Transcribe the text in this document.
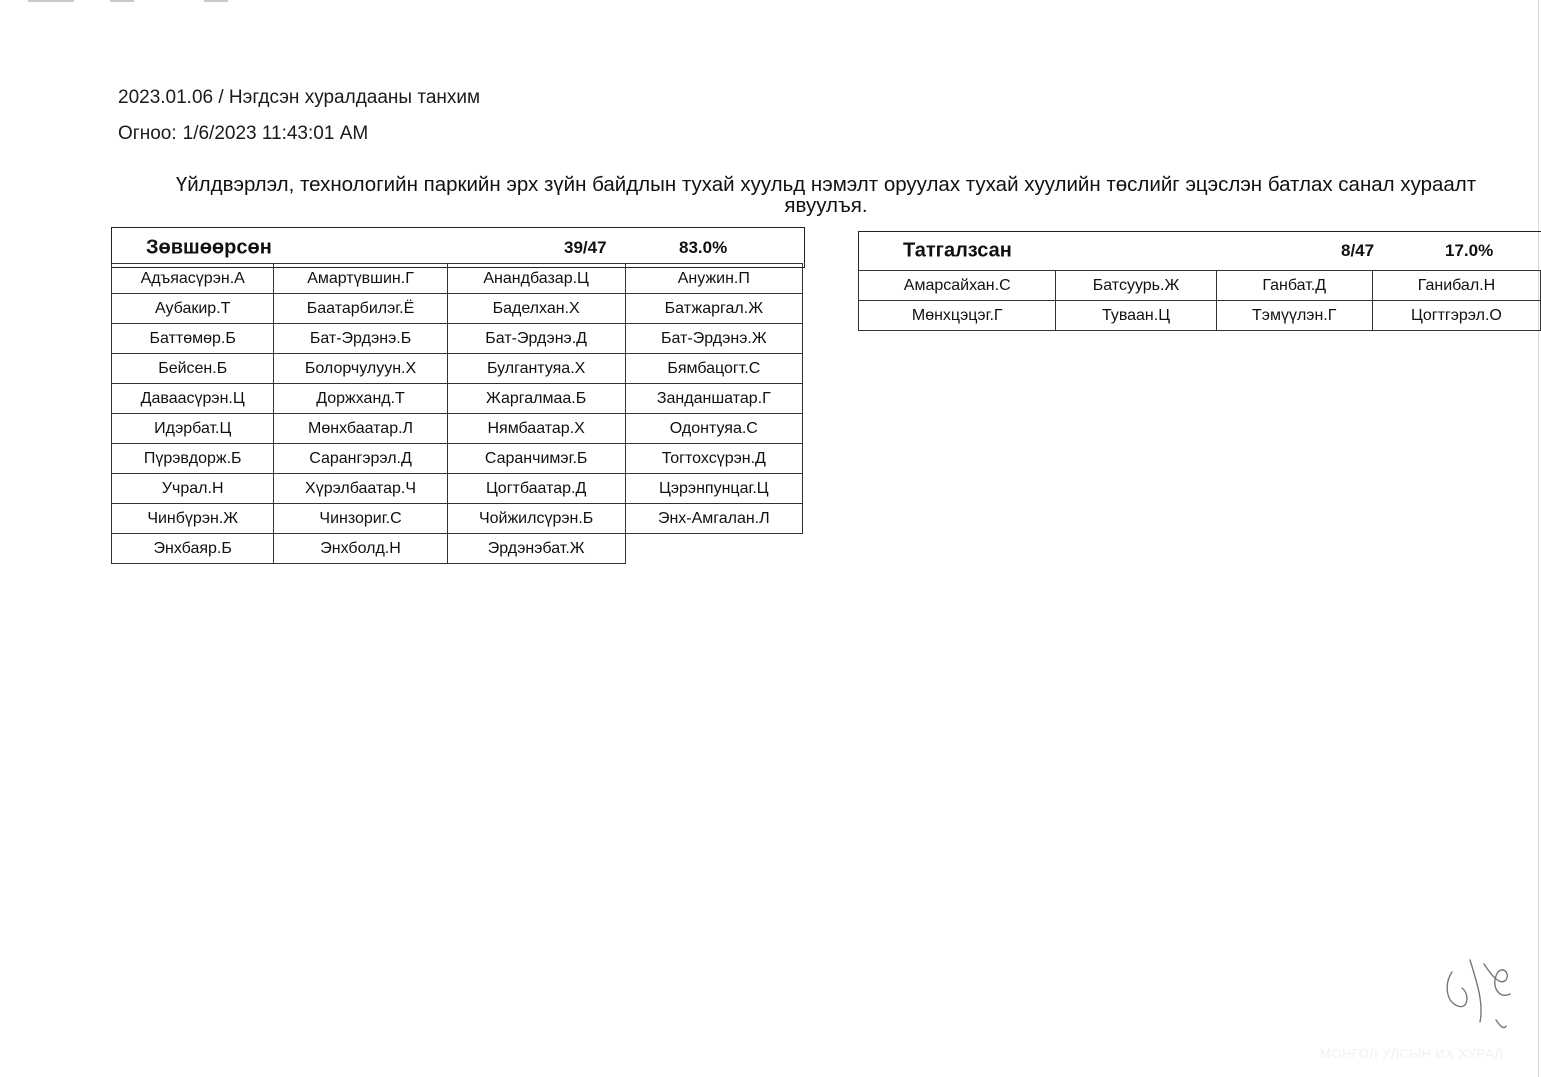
2023.01.06 / Нэгдсэн хуралдааны танхим
Огноо: 1/6/2023 11:43:01 AM
Үйлдвэрлэл, технологийн паркийн эрх зүйн байдлын тухай хуульд нэмэлт оруулах тухай хуулийн төслийг эцэслэн батлах санал хураалт явуулъя.
Зөвшөөрсөн	39/47	83.0%
Адъяасүрэн.А	Амартүвшин.Г	Анандбазар.Ц	Анужин.П
Аубакир.Т	Баатарбилэг.Ё	Баделхан.Х	Батжаргал.Ж
Баттөмөр.Б	Бат-Эрдэнэ.Б	Бат-Эрдэнэ.Д	Бат-Эрдэнэ.Ж
Бейсен.Б	Болорчулуун.Х	Булгантуяа.Х	Бямбацогт.С
Даваасүрэн.Ц	Доржханд.Т	Жаргалмаа.Б	Занданшатар.Г
Идэрбат.Ц	Мөнхбаатар.Л	Нямбаатар.Х	Одонтуяа.С
Пүрэвдорж.Б	Сарангэрэл.Д	Саранчимэг.Б	Тогтохсүрэн.Д
Учрал.Н	Хүрэлбаатар.Ч	Цогтбаатар.Д	Цэрэнпунцаг.Ц
Чинбүрэн.Ж	Чинзориг.С	Чойжилсүрэн.Б	Энх-Амгалан.Л
Энхбаяр.Б	Энхболд.Н	Эрдэнэбат.Ж	
Татгалзсан	8/47	17.0%
Амарсайхан.С	Батсуурь.Ж	Ганбат.Д	Ганибал.Н
Мөнхцэцэг.Г	Туваан.Ц	Тэмүүлэн.Г	Цогтгэрэл.О
МОНГОЛ УЛСЫН ИХ ХУРАЛ
